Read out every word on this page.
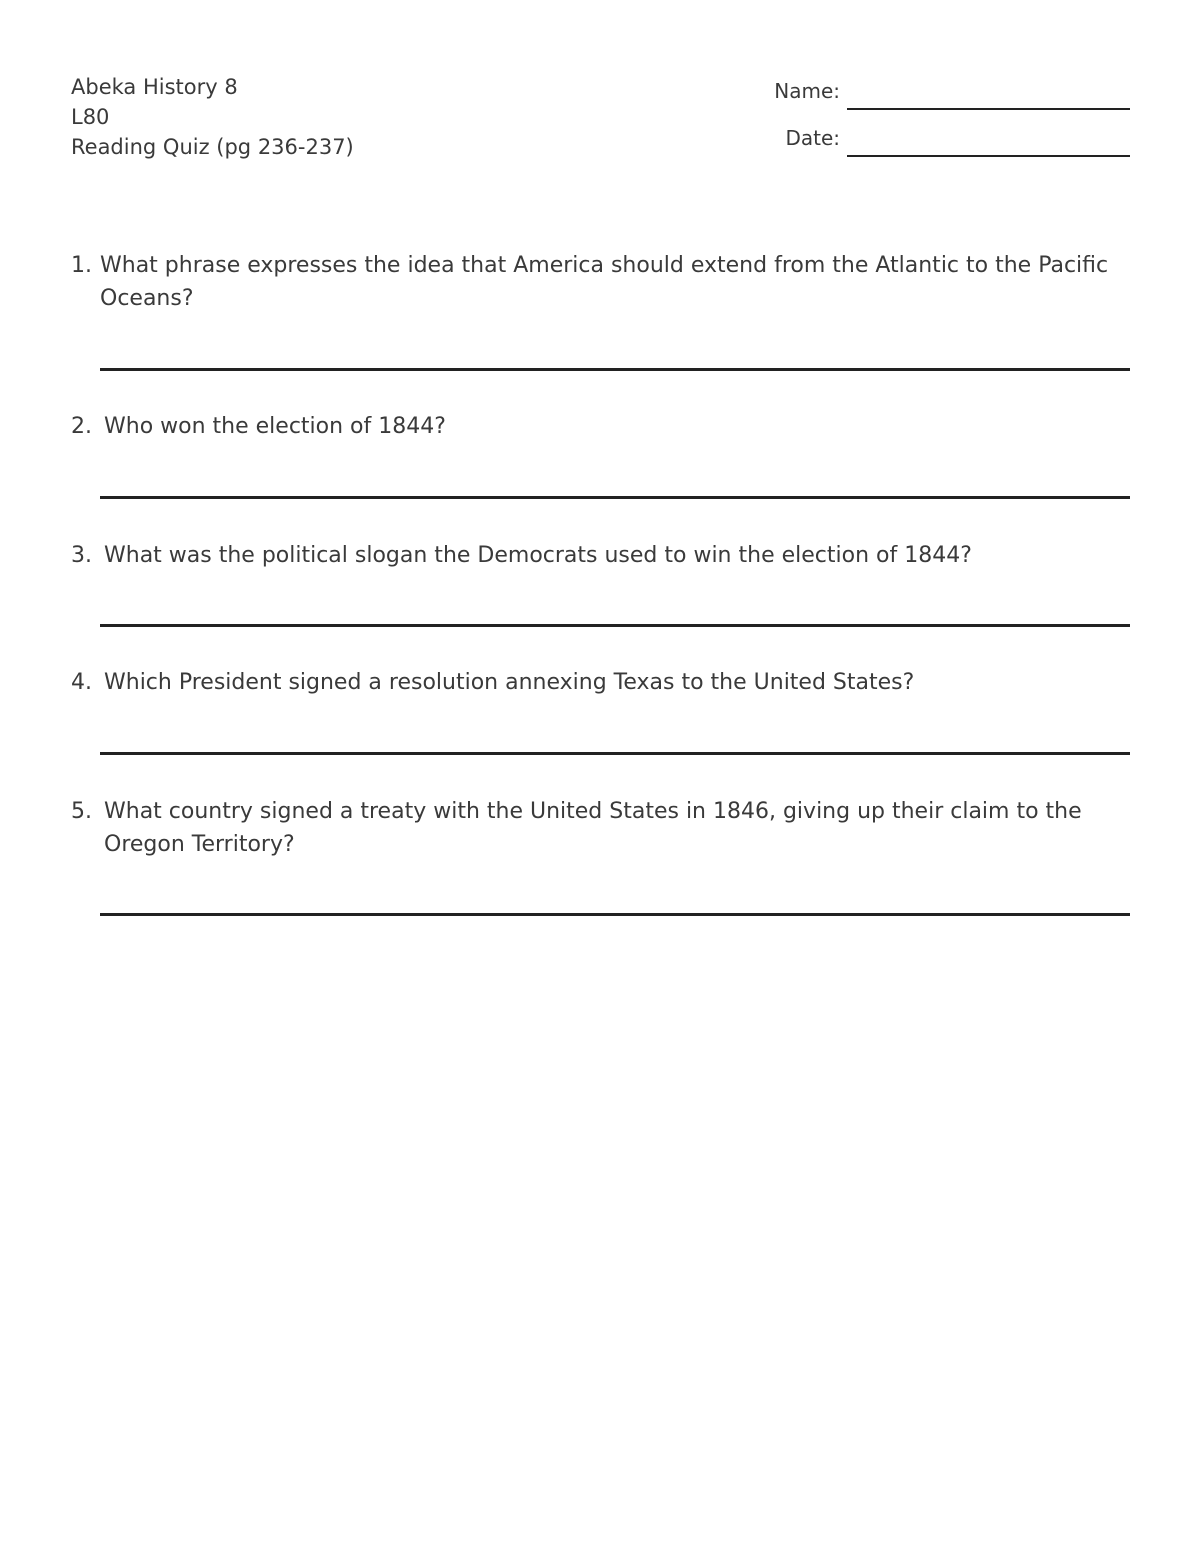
Abeka History 8
L80
Reading Quiz (pg 236-237)
Name:
Date:
1. What phrase expresses the idea that America should extend from the Atlantic to the Pacific Oceans?
2. Who won the election of 1844?
3. What was the political slogan the Democrats used to win the election of 1844?
4. Which President signed a resolution annexing Texas to the United States?
5. What country signed a treaty with the United States in 1846, giving up their claim to the Oregon Territory?
